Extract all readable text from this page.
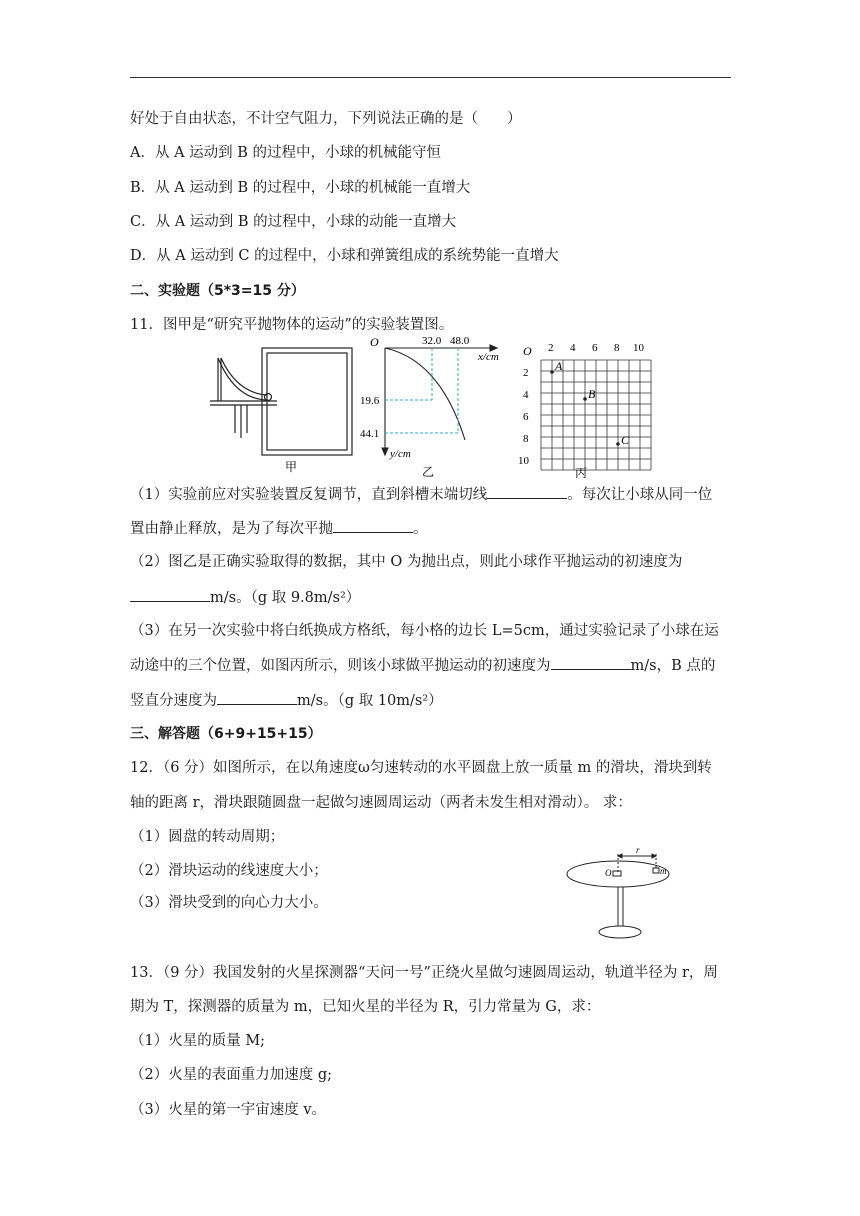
好处于自由状态，不计空气阻力，下列说法正确的是（　　）
A．从 A 运动到 B 的过程中，小球的机械能守恒
B．从 A 运动到 B 的过程中，小球的机械能一直增大
C．从 A 运动到 B 的过程中，小球的动能一直增大
D．从 A 运动到 C 的过程中，小球和弹簧组成的系统势能一直增大
二、实验题（5*3=15 分）
11．图甲是“研究平抛物体的运动”的实验装置图。
甲
O	32.0 48.0
x/cm
19.6
44.1
y/cm
乙
O 2 4 6 8 10
2
4
6
8
10
A
B
C
丙
（1）实验前应对实验装置反复调节，直到斜槽末端切线	。每次让小球从同一位
置由静止释放，是为了每次平抛	。
（2）图乙是正确实验取得的数据，其中 O 为抛出点，则此小球作平抛运动的初速度为
m/s。（g 取 9.8m/s²）
（3）在另一次实验中将白纸换成方格纸，每小格的边长 L=5cm，通过实验记录了小球在运
动途中的三个位置，如图丙所示，则该小球做平抛运动的初速度为	m/s，B 点的
竖直分速度为	m/s。（g 取 10m/s²）
三、解答题（6+9+15+15）
12．（6 分）如图所示，在以角速度ω匀速转动的水平圆盘上放一质量 m 的滑块，滑块到转
轴的距离 r，滑块跟随圆盘一起做匀速圆周运动（两者未发生相对滑动）。 求：
（1）圆盘的转动周期；
（2）滑块运动的线速度大小；
（3）滑块受到的向心力大小。
O
r
m
13．（9 分）我国发射的火星探测器“天问一号”正绕火星做匀速圆周运动，轨道半径为 r，周
期为 T，探测器的质量为 m，已知火星的半径为 R，引力常量为 G，求：
（1）火星的质量 M;
（2）火星的表面重力加速度 g;
（3）火星的第一宇宙速度 v。
